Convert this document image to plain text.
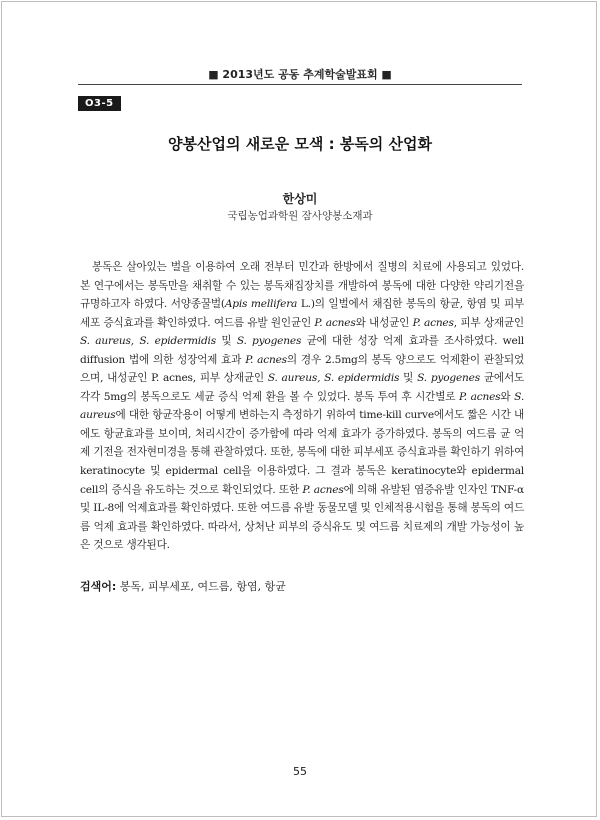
■ 2013년도 공동 추계학술발표회 ■
O3-5
양봉산업의 새로운 모색 : 봉독의 산업화
한상미
국립농업과학원 잠사양봉소재과

봉독은 살아있는 벌을 이용하여 오래 전부터 민간과 한방에서 질병의 치료에 사용되고 있었다. 본 연구에서는 봉독만을 채취할 수 있는 봉독채집장치를 개발하여 봉독에 대한 다양한 약리기전을 규명하고자 하였다. 서양종꿀벌(Apis mellifera L.)의 일벌에서 채집한 봉독의 항균, 항염 및 피부세포 증식효과를 확인하였다. 여드름 유발 원인균인 P. acnes와 내성균인 P. acnes, 피부 상재균인 S. aureus, S. epidermidis 및 S. pyogenes 균에 대한 성장 억제 효과를 조사하였다. well diffusion 법에 의한 성장억제 효과 P. acnes의 경우 2.5mg의 봉독 양으로도 억제환이 관찰되었으며, 내성균인 P. acnes, 피부 상재균인 S. aureus, S. epidermidis 및 S. pyogenes 균에서도 각각 5mg의 봉독으로도 세균 증식 억제 환을 볼 수 있었다. 봉독 투여 후 시간별로 P. acnes와 S. aureus에 대한 항균작용이 어떻게 변하는지 측정하기 위하여 time-kill curve에서도 짧은 시간 내에도 항균효과를 보이며, 처리시간이 증가함에 따라 억제 효과가 증가하였다. 봉독의 여드름 균 억제 기전을 전자현미경을 통해 관찰하였다. 또한, 봉독에 대한 피부세포 증식효과를 확인하기 위하여 keratinocyte 및 epidermal cell을 이용하였다. 그 결과 봉독은 keratinocyte와 epidermal cell의 증식을 유도하는 것으로 확인되었다. 또한 P. acnes에 의해 유발된 염증유발 인자인 TNF-α 및 IL-8에 억제효과를 확인하였다. 또한 여드름 유발 동물모델 및 인체적용시험을 통해 봉독의 여드름 억제 효과를 확인하였다. 따라서, 상처난 피부의 증식유도 및 여드름 치료제의 개발 가능성이 높은 것으로 생각된다.

검색어: 봉독, 피부세포, 여드름, 항염, 항균
55
